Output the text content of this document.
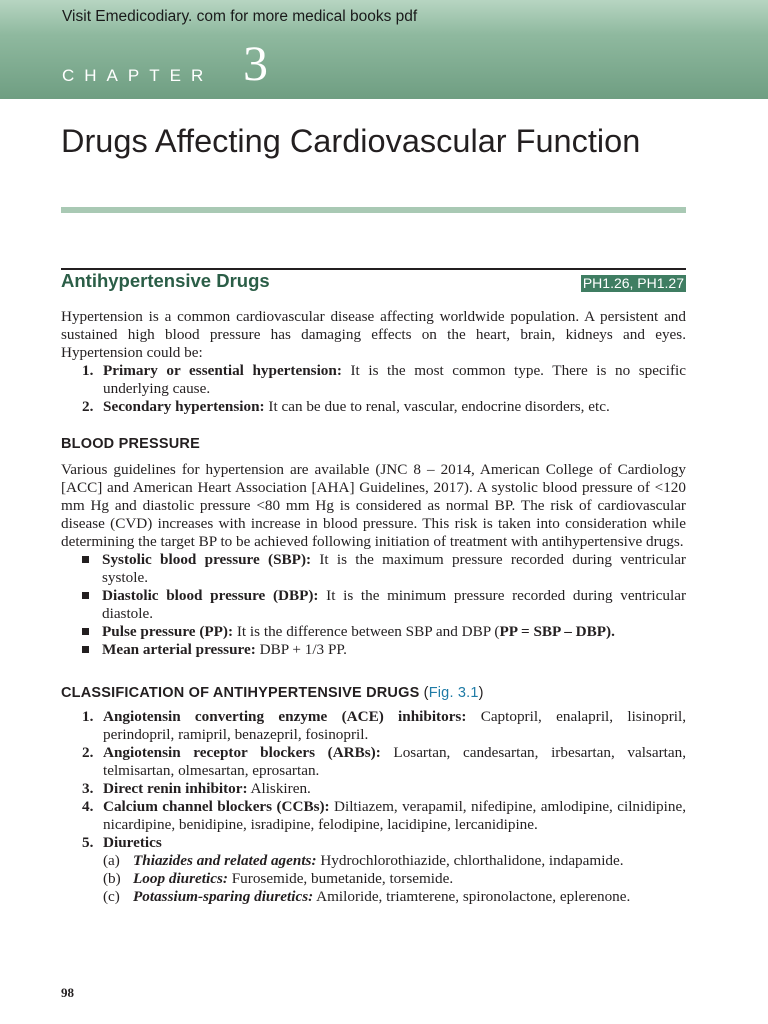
Visit Emedicodiary. com for more medical books pdf
CHAPTER 3
Drugs Affecting Cardiovascular Function
Antihypertensive Drugs	PH1.26, PH1.27

Hypertension is a common cardiovascular disease affecting worldwide population. A persistent and sustained high blood pressure has damaging effects on the heart, brain, kidneys and eyes. Hypertension could be:

1. Primary or essential hypertension: It is the most common type. There is no specific underlying cause.
2. Secondary hypertension: It can be due to renal, vascular, endocrine disorders, etc.
BLOOD PRESSURE

Various guidelines for hypertension are available (JNC 8 – 2014, American College of Cardiology [ACC] and American Heart Association [AHA] Guidelines, 2017). A systolic blood pressure of <120 mm Hg and diastolic pressure <80 mm Hg is considered as normal BP. The risk of cardiovascular disease (CVD) increases with increase in blood pressure. This risk is taken into consideration while determining the target BP to be achieved following initiation of treatment with antihypertensive drugs.

Systolic blood pressure (SBP): It is the maximum pressure recorded during ventricular systole.
Diastolic blood pressure (DBP): It is the minimum pressure recorded during ventricular diastole.
Pulse pressure (PP): It is the difference between SBP and DBP (PP = SBP – DBP).
Mean arterial pressure: DBP + 1/3 PP.
CLASSIFICATION OF ANTIHYPERTENSIVE DRUGS (Fig. 3.1)
1. Angiotensin converting enzyme (ACE) inhibitors: Captopril, enalapril, lisinopril, perindopril, ramipril, benazepril, fosinopril.
2. Angiotensin receptor blockers (ARBs): Losartan, candesartan, irbesartan, valsartan, telmisartan, olmesartan, eprosartan.
3. Direct renin inhibitor: Aliskiren.
4. Calcium channel blockers (CCBs): Diltiazem, verapamil, nifedipine, amlodipine, cilnidipine, nicardipine, benidipine, isradipine, felodipine, lacidipine, lercanidipine.
5. Diuretics
(a) Thiazides and related agents: Hydrochlorothiazide, chlorthalidone, indapamide.
(b) Loop diuretics: Furosemide, bumetanide, torsemide.
(c) Potassium-sparing diuretics: Amiloride, triamterene, spironolactone, eplerenone.
98
